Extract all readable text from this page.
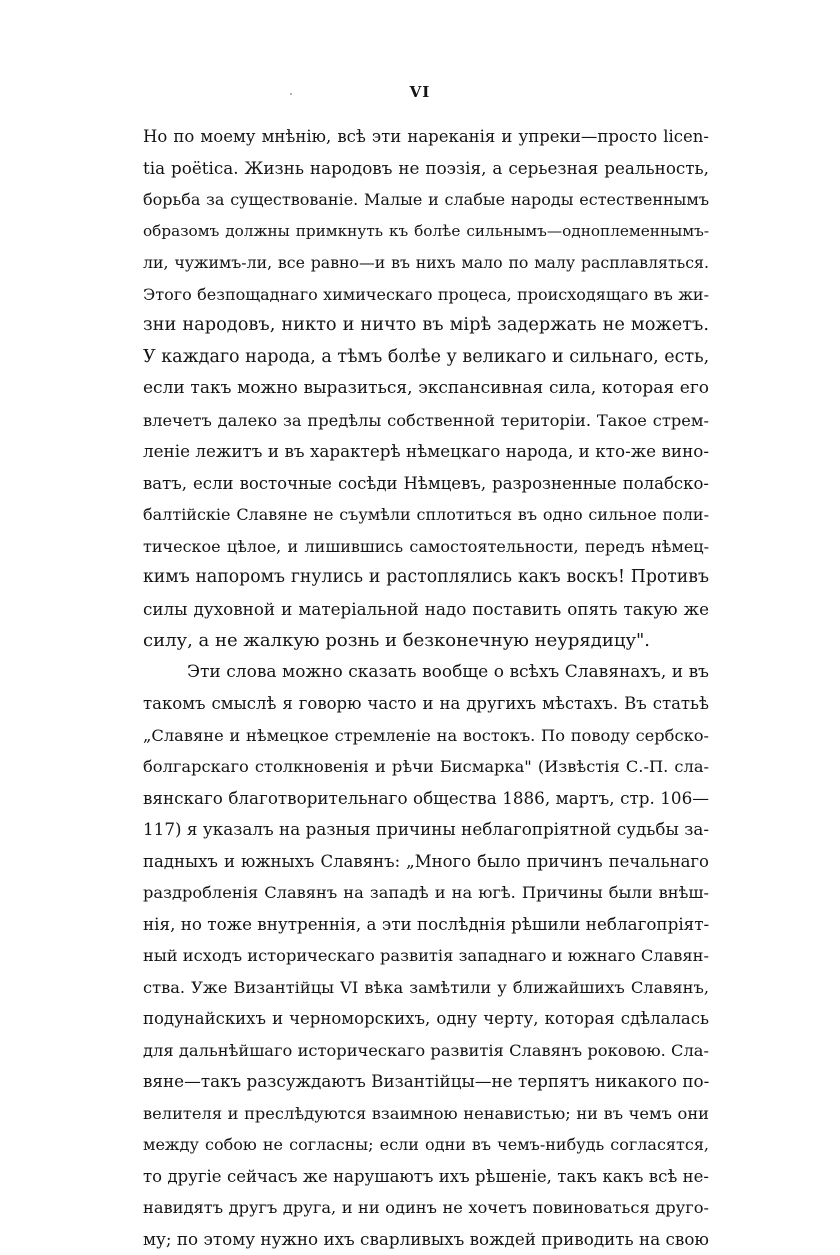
VI
Но по моему мнѣнію, всѣ эти нареканія и упреки—просто licen-
tia poëtica. Жизнь народовъ не поэзія, а серьезная реальность,
борьба за существованіе. Малые и слабые народы естественнымъ
образомъ должны примкнуть къ болѣе сильнымъ—одноплеменнымъ-
ли, чужимъ-ли, все равно—и въ нихъ мало по малу расплавляться.
Этого безпощаднаго химическаго процеса, происходящаго въ жи-
зни народовъ, никто и ничто въ мірѣ задержать не можетъ.
У каждаго народа, а тѣмъ болѣе у великаго и сильнаго, есть,
если такъ можно выразиться, экспансивная сила, которая его
влечетъ далеко за предѣлы собственной територіи. Такое стрем-
леніе лежитъ и въ характерѣ нѣмецкаго народа, и кто-же вино-
ватъ, если восточные сосѣди Нѣмцевъ, разрозненные полабско-
балтійскіе Славяне не съумѣли сплотиться въ одно сильное поли-
тическое цѣлое, и лишившись самостоятельности, передъ нѣмец-
кимъ напоромъ гнулись и растоплялись какъ воскъ! Противъ
силы духовной и матеріальной надо поставить опять такую же
силу, а не жалкую рознь и безконечную неурядицу".
Эти слова можно сказать вообще о всѣхъ Славянахъ, и въ
такомъ смыслѣ я говорю часто и на другихъ мѣстахъ. Въ статьѣ
„Славяне и нѣмецкое стремленіе на востокъ. По поводу сербско-
болгарскаго столкновенія и рѣчи Бисмарка" (Извѣстія С.-П. сла-
вянскаго благотворительнаго общества 1886, мартъ, стр. 106—
117) я указалъ на разныя причины неблагопріятной судьбы за-
падныхъ и южныхъ Славянъ: „Много было причинъ печальнаго
раздробленія Славянъ на западѣ и на югѣ. Причины были внѣш-
нія, но тоже внутреннія, а эти послѣднія рѣшили неблагопріят-
ный исходъ историческаго развитія западнаго и южнаго Славян-
ства. Уже Византійцы VI вѣка замѣтили у ближайшихъ Славянъ,
подунайскихъ и черноморскихъ, одну черту, которая сдѣлалась
для дальнѣйшаго историческаго развитія Славянъ роковою. Сла-
вяне—такъ разсуждаютъ Византійцы—не терпятъ никакого по-
велителя и преслѣдуются взаимною ненавистью; ни въ чемъ они
между собою не согласны; если одни въ чемъ-нибудь согласятся,
то другіе сейчасъ же нарушаютъ ихъ рѣшеніе, такъ какъ всѣ не-
навидятъ другъ друга, и ни одинъ не хочетъ повиноваться друго-
му; по этому нужно ихъ сварливыхъ вождей приводить на свою
